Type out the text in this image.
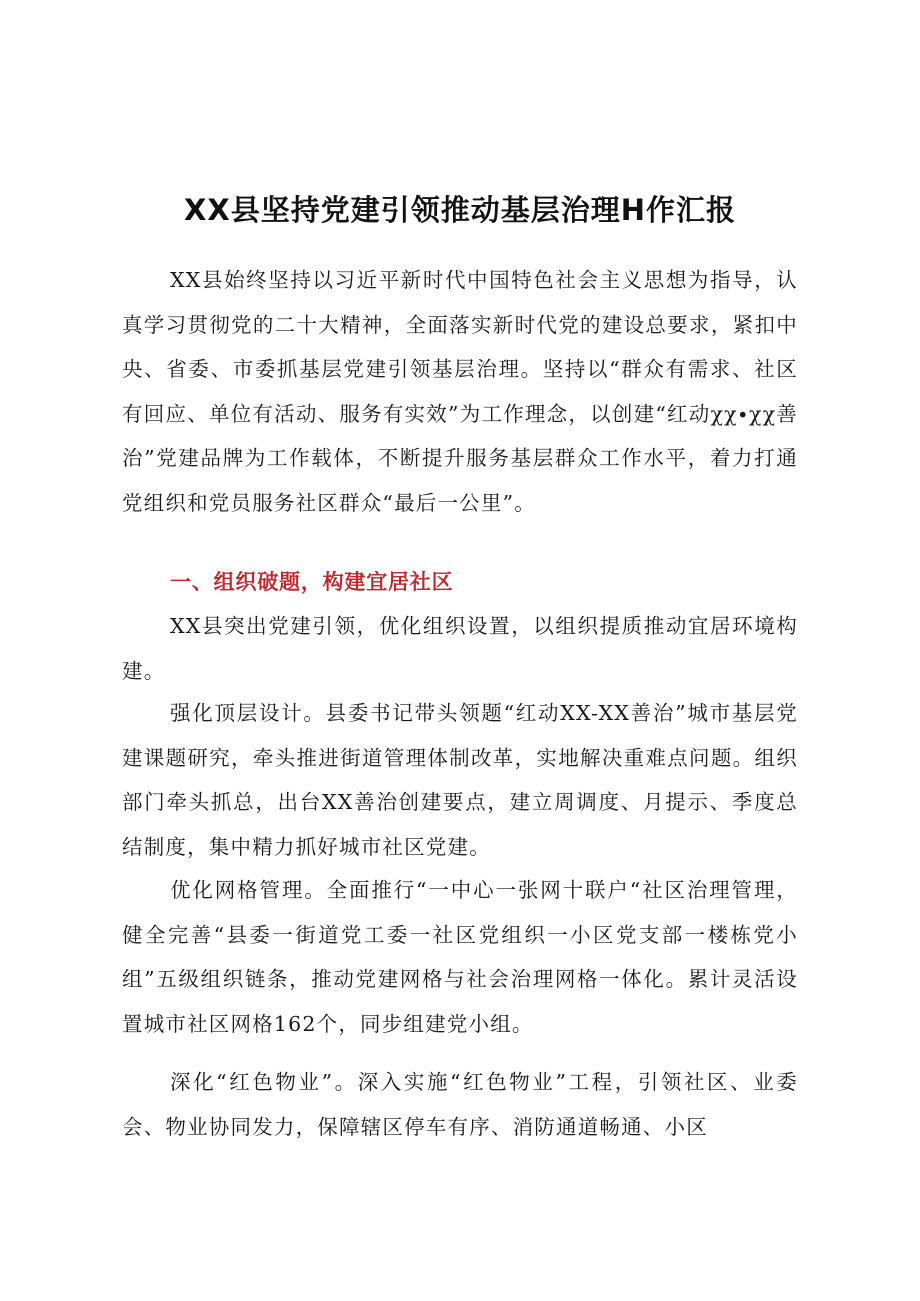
XX县坚持党建引领推动基层治理H作汇报

XX县始终坚持以习近平新时代中国特色社会主义思想为指导，认真学习贯彻党的二十大精神，全面落实新时代党的建设总要求，紧扣中央、省委、市委抓基层党建引领基层治理。坚持以“群众有需求、社区有回应、单位有活动、服务有实效”为工作理念，以创建“红动χχ∙χχ善治”党建品牌为工作载体，不断提升服务基层群众工作水平，着力打通党组织和党员服务社区群众“最后一公里”。

一、组织破题，构建宜居社区

XX县突出党建引领，优化组织设置，以组织提质推动宜居环境构建。

强化顶层设计。县委书记带头领题“红动XX-XX善治”城市基层党建课题研究，牵头推进街道管理体制改革，实地解决重难点问题。组织部门牵头抓总，出台XX善治创建要点，建立周调度、月提示、季度总结制度，集中精力抓好城市社区党建。

优化网格管理。全面推行“一中心一张网十联户“社区治理管理，健全完善“县委一街道党工委一社区党组织一小区党支部一楼栋党小组”五级组织链条，推动党建网格与社会治理网格一体化。累计灵活设置城市社区网格162个，同步组建党小组。

深化“红色物业”。深入实施“红色物业”工程，引领社区、业委会、物业协同发力，保障辖区停车有序、消防通道畅通、小区
